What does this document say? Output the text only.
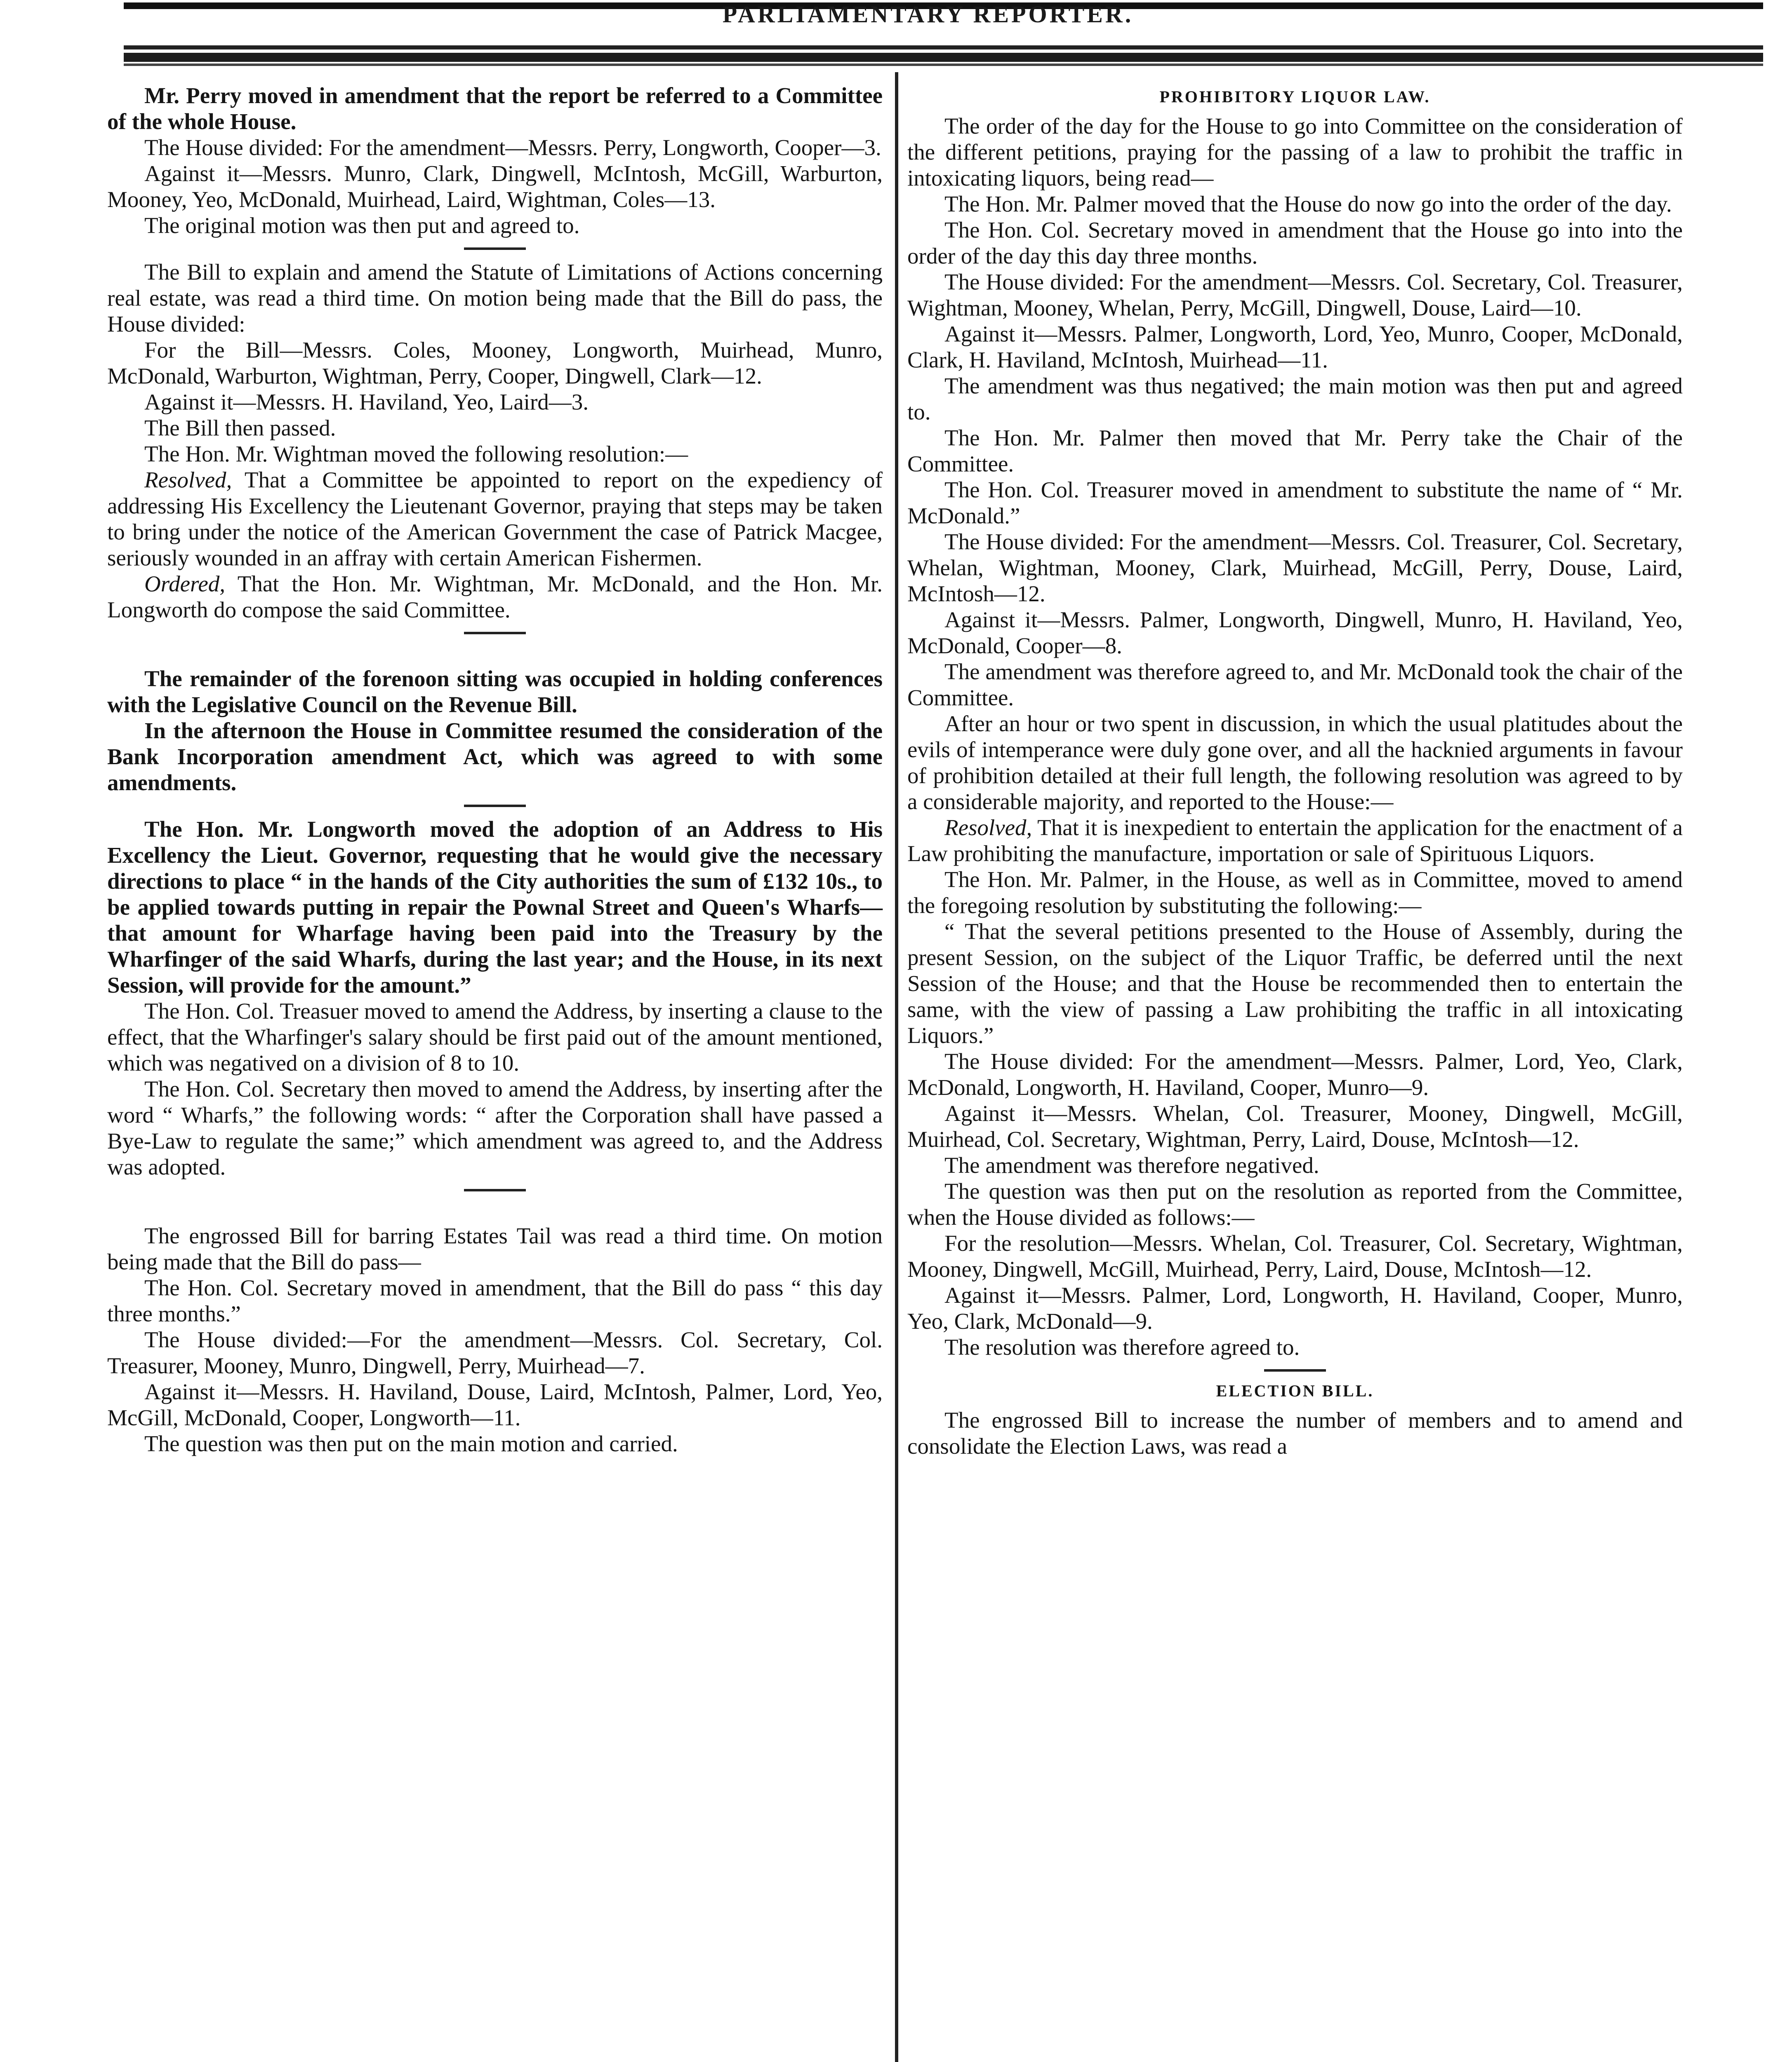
PARLIAMENTARY REPORTER.

Mr. Perry moved in amendment that the report be referred to a Committee of the whole House.

The House divided: For the amendment—Messrs. Perry, Longworth, Cooper—3.

Against it—Messrs. Munro, Clark, Dingwell, McIntosh, McGill, Warburton, Mooney, Yeo, McDonald, Muirhead, Laird, Wightman, Coles—13.

The original motion was then put and agreed to.

The Bill to explain and amend the Statute of Limitations of Actions concerning real estate, was read a third time. On motion being made that the Bill do pass, the House divided:

For the Bill—Messrs. Coles, Mooney, Longworth, Muirhead, Munro, McDonald, Warburton, Wightman, Perry, Cooper, Dingwell, Clark—12.

Against it—Messrs. H. Haviland, Yeo, Laird—3.

The Bill then passed.

The Hon. Mr. Wightman moved the following resolution:—

Resolved, That a Committee be appointed to report on the expediency of addressing His Excellency the Lieutenant Governor, praying that steps may be taken to bring under the notice of the American Government the case of Patrick Macgee, seriously wounded in an affray with certain American Fishermen.

Ordered, That the Hon. Mr. Wightman, Mr. McDonald, and the Hon. Mr. Longworth do compose the said Committee.

The remainder of the forenoon sitting was occupied in holding conferences with the Legislative Council on the Revenue Bill.

In the afternoon the House in Committee resumed the consideration of the Bank Incorporation amendment Act, which was agreed to with some amendments.

The Hon. Mr. Longworth moved the adoption of an Address to His Excellency the Lieut. Governor, requesting that he would give the necessary directions to place “ in the hands of the City authorities the sum of £132 10s., to be applied towards putting in repair the Pownal Street and Queen's Wharfs—that amount for Wharfage having been paid into the Treasury by the Wharfinger of the said Wharfs, during the last year; and the House, in its next Session, will provide for the amount.”

The Hon. Col. Treasuer moved to amend the Address, by inserting a clause to the effect, that the Wharfinger's salary should be first paid out of the amount mentioned, which was negatived on a division of 8 to 10.

The Hon. Col. Secretary then moved to amend the Address, by inserting after the word “ Wharfs,” the following words: “ after the Corporation shall have passed a Bye-Law to regulate the same;” which amendment was agreed to, and the Address was adopted.

The engrossed Bill for barring Estates Tail was read a third time. On motion being made that the Bill do pass—

The Hon. Col. Secretary moved in amendment, that the Bill do pass “ this day three months.”

The House divided:—For the amendment—Messrs. Col. Secretary, Col. Treasurer, Mooney, Munro, Dingwell, Perry, Muirhead—7.

Against it—Messrs. H. Haviland, Douse, Laird, McIntosh, Palmer, Lord, Yeo, McGill, McDonald, Cooper, Longworth—11.

The question was then put on the main motion and carried.

PROHIBITORY LIQUOR LAW.

The order of the day for the House to go into Committee on the consideration of the different petitions, praying for the passing of a law to prohibit the traffic in intoxicating liquors, being read—

The Hon. Mr. Palmer moved that the House do now go into the order of the day.

The Hon. Col. Secretary moved in amendment that the House go into into the order of the day this day three months.

The House divided: For the amendment—Messrs. Col. Secretary, Col. Treasurer, Wightman, Mooney, Whelan, Perry, McGill, Dingwell, Douse, Laird—10.

Against it—Messrs. Palmer, Longworth, Lord, Yeo, Munro, Cooper, McDonald, Clark, H. Haviland, McIntosh, Muirhead—11.

The amendment was thus negatived; the main motion was then put and agreed to.

The Hon. Mr. Palmer then moved that Mr. Perry take the Chair of the Committee.

The Hon. Col. Treasurer moved in amendment to substitute the name of “ Mr. McDonald.”

The House divided: For the amendment—Messrs. Col. Treasurer, Col. Secretary, Whelan, Wightman, Mooney, Clark, Muirhead, McGill, Perry, Douse, Laird, McIntosh—12.

Against it—Messrs. Palmer, Longworth, Dingwell, Munro, H. Haviland, Yeo, McDonald, Cooper—8.

The amendment was therefore agreed to, and Mr. McDonald took the chair of the Committee.

After an hour or two spent in discussion, in which the usual platitudes about the evils of intemperance were duly gone over, and all the hacknied arguments in favour of prohibition detailed at their full length, the following resolution was agreed to by a considerable majority, and reported to the House:—

Resolved, That it is inexpedient to entertain the application for the enactment of a Law prohibiting the manufacture, importation or sale of Spirituous Liquors.

The Hon. Mr. Palmer, in the House, as well as in Committee, moved to amend the foregoing resolution by substituting the following:—

“ That the several petitions presented to the House of Assembly, during the present Session, on the subject of the Liquor Traffic, be deferred until the next Session of the House; and that the House be recommended then to entertain the same, with the view of passing a Law prohibiting the traffic in all intoxicating Liquors.”

The House divided: For the amendment—Messrs. Palmer, Lord, Yeo, Clark, McDonald, Longworth, H. Haviland, Cooper, Munro—9.

Against it—Messrs. Whelan, Col. Treasurer, Mooney, Dingwell, McGill, Muirhead, Col. Secretary, Wightman, Perry, Laird, Douse, McIntosh—12.

The amendment was therefore negatived.

The question was then put on the resolution as reported from the Committee, when the House divided as follows:—

For the resolution—Messrs. Whelan, Col. Treasurer, Col. Secretary, Wightman, Mooney, Dingwell, McGill, Muirhead, Perry, Laird, Douse, McIntosh—12.

Against it—Messrs. Palmer, Lord, Longworth, H. Haviland, Cooper, Munro, Yeo, Clark, McDonald—9.

The resolution was therefore agreed to.

ELECTION BILL.

The engrossed Bill to increase the number of members and to amend and consolidate the Election Laws, was read a
